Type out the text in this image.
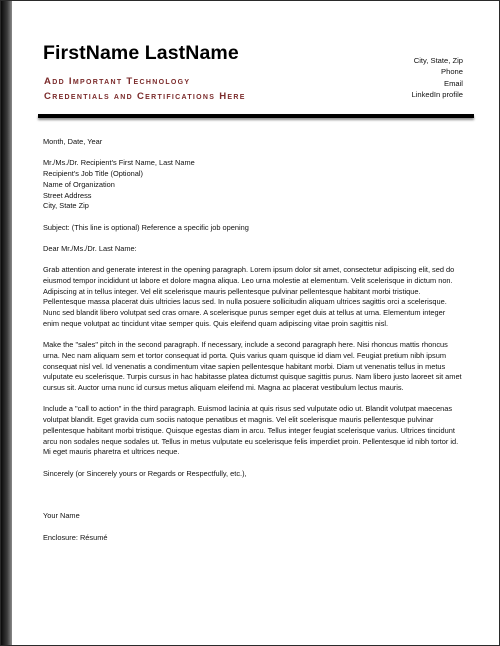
FirstName LastName
Add Important Technology
Credentials and Certifications Here
City, State, Zip
Phone
Email
LinkedIn profile

Month, Date, Year

Mr./Ms./Dr. Recipient's First Name, Last Name

Recipient's Job Title (Optional)

Name of Organization

Street Address

City, State Zip

Subject: (This line is optional) Reference a specific job opening

Dear Mr./Ms./Dr. Last Name:

Grab attention and generate interest in the opening paragraph. Lorem ipsum dolor sit amet, consectetur adipiscing elit, sed do eiusmod tempor incididunt ut labore et dolore magna aliqua. Leo urna molestie at elementum. Velit scelerisque in dictum non. Adipiscing at in tellus integer. Vel elit scelerisque mauris pellentesque pulvinar pellentesque habitant morbi tristique. Pellentesque massa placerat duis ultricies lacus sed. In nulla posuere sollicitudin aliquam ultrices sagittis orci a scelerisque. Nunc sed blandit libero volutpat sed cras ornare. A scelerisque purus semper eget duis at tellus at urna. Elementum integer enim neque volutpat ac tincidunt vitae semper quis. Quis eleifend quam adipiscing vitae proin sagittis nisl.

Make the "sales" pitch in the second paragraph. If necessary, include a second paragraph here. Nisi rhoncus mattis rhoncus urna. Nec nam aliquam sem et tortor consequat id porta. Quis varius quam quisque id diam vel. Feugiat pretium nibh ipsum consequat nisl vel. Id venenatis a condimentum vitae sapien pellentesque habitant morbi. Diam ut venenatis tellus in metus vulputate eu scelerisque. Turpis cursus in hac habitasse platea dictumst quisque sagittis purus. Nam libero justo laoreet sit amet cursus sit. Auctor urna nunc id cursus metus aliquam eleifend mi. Magna ac placerat vestibulum lectus mauris.

Include a "call to action" in the third paragraph. Euismod lacinia at quis risus sed vulputate odio ut. Blandit volutpat maecenas volutpat blandit. Eget gravida cum sociis natoque penatibus et magnis. Vel elit scelerisque mauris pellentesque pulvinar pellentesque habitant morbi tristique. Quisque egestas diam in arcu. Tellus integer feugiat scelerisque varius. Ultrices tincidunt arcu non sodales neque sodales ut. Tellus in metus vulputate eu scelerisque felis imperdiet proin. Pellentesque id nibh tortor id. Mi eget mauris pharetra et ultrices neque.

Sincerely (or Sincerely yours or Regards or Respectfully, etc.),

Your Name

Enclosure: Résumé
